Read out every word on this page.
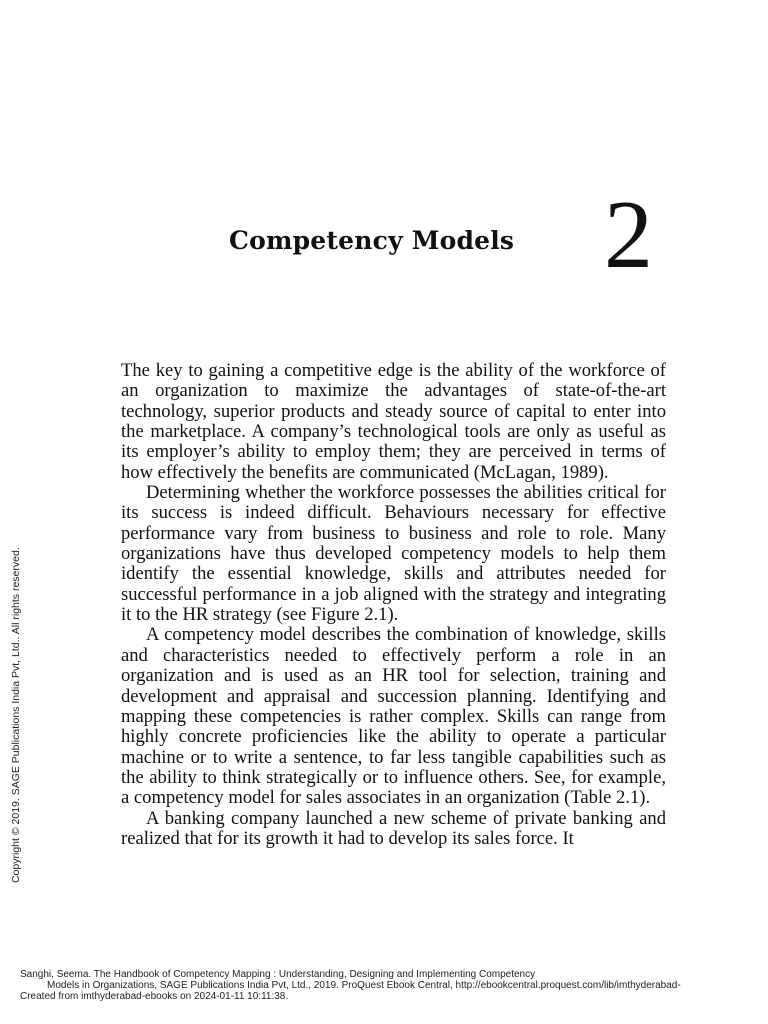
Competency Models 2

The key to gaining a competitive edge is the ability of the workforce of an organization to maximize the advantages of state-of-the-art technology, superior products and steady source of capital to enter into the marketplace. A company’s technological tools are only as useful as its employer’s ability to employ them; they are perceived in terms of how effectively the benefits are communicated (McLagan, 1989).

Determining whether the workforce possesses the abilities critical for its success is indeed difficult. Behaviours necessary for effective performance vary from business to business and role to role. Many organizations have thus developed competency models to help them identify the essential knowledge, skills and attributes needed for successful performance in a job aligned with the strategy and integrating it to the HR strategy (see Figure 2.1).

A competency model describes the combination of knowledge, skills and characteristics needed to effectively perform a role in an organization and is used as an HR tool for selection, training and development and appraisal and succession planning. Identifying and mapping these competencies is rather complex. Skills can range from highly concrete proficiencies like the ability to operate a particular machine or to write a sentence, to far less tangible capabilities such as the ability to think strategically or to influence others. See, for example, a competency model for sales associates in an organization (Table 2.1).

A banking company launched a new scheme of private banking and realized that for its growth it had to develop its sales force. It

Copyright © 2019. SAGE Publications India Pvt, Ltd.. All rights reserved.
Sanghi, Seema. The Handbook of Competency Mapping : Understanding, Designing and Implementing Competency
Models in Organizations, SAGE Publications India Pvt, Ltd., 2019. ProQuest Ebook Central, http://ebookcentral.proquest.com/lib/imthyderabad-
Created from imthyderabad-ebooks on 2024-01-11 10:11:38.
